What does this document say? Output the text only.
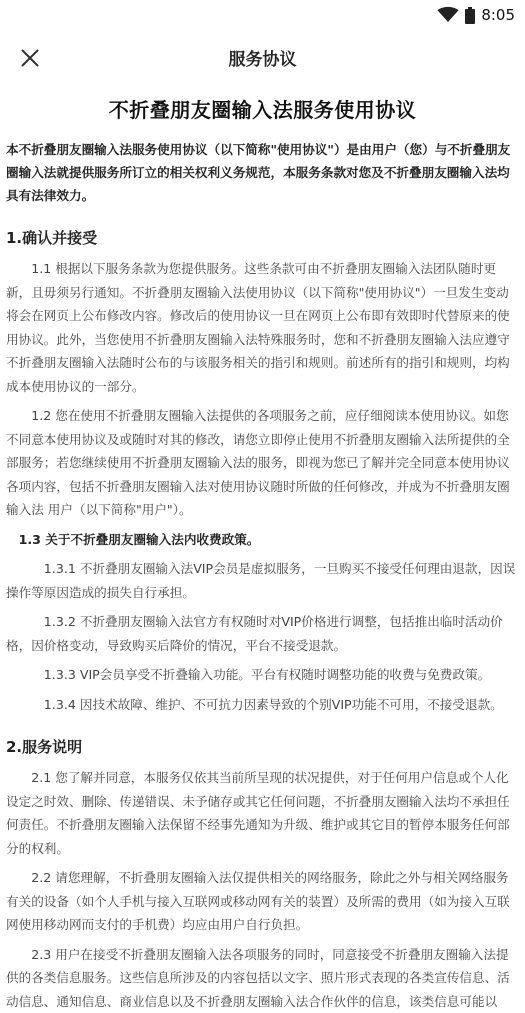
8:05
服务协议
不折叠朋友圈输入法服务使用协议
本不折叠朋友圈输入法服务使用协议（以下简称"使用协议"）是由用户（您）与不折叠朋友圈输入法就提供服务所订立的相关权利义务规范，本服务条款对您及不折叠朋友圈输入法均具有法律效力。
1.确认并接受

1.1 根据以下服务条款为您提供服务。这些条款可由不折叠朋友圈输入法团队随时更新，且毋须另行通知。不折叠朋友圈输入法使用协议（以下简称"使用协议"）一旦发生变动将会在网页上公布修改内容。修改后的使用协议一旦在网页上公布即有效即时代替原来的使用协议。此外，当您使用不折叠朋友圈输入法特殊服务时，您和不折叠朋友圈输入法应遵守不折叠朋友圈输入法随时公布的与该服务相关的指引和规则。前述所有的指引和规则，均构成本使用协议的一部分。

1.2 您在使用不折叠朋友圈输入法提供的各项服务之前，应仔细阅读本使用协议。如您不同意本使用协议及或随时对其的修改，请您立即停止使用不折叠朋友圈输入法所提供的全部服务；若您继续使用不折叠朋友圈输入法的服务，即视为您已了解并完全同意本使用协议各项内容，包括不折叠朋友圈输入法对使用协议随时所做的任何修改，并成为不折叠朋友圈输入法 用户（以下简称"用户"）。

1.3 关于不折叠朋友圈输入法内收费政策。

1.3.1 不折叠朋友圈输入法VIP会员是虚拟服务，一旦购买不接受任何理由退款，因误操作等原因造成的损失自行承担。

1.3.2 不折叠朋友圈输入法官方有权随时对VIP价格进行调整，包括推出临时活动价格，因价格变动，导致购买后降价的情况，平台不接受退款。

1.3.3 VIP会员享受不折叠输入功能。平台有权随时调整功能的收费与免费政策。

1.3.4 因技术故障、维护、不可抗力因素导致的个别VIP功能不可用，不接受退款。

2.服务说明

2.1 您了解并同意，本服务仅依其当前所呈现的状况提供，对于任何用户信息或个人化设定之时效、删除、传递错误、未予储存或其它任何问题，不折叠朋友圈输入法均不承担任何责任。不折叠朋友圈输入法保留不经事先通知为升级、维护或其它目的暂停本服务任何部分的权利。

2.2 请您理解，不折叠朋友圈输入法仅提供相关的网络服务，除此之外与相关网络服务有关的设备（如个人手机与接入互联网或移动网有关的装置）及所需的费用（如为接入互联网使用移动网而支付的手机费）均应由用户自行负担。

2.3 用户在接受不折叠朋友圈输入法各项服务的同时，同意接受不折叠朋友圈输入法提供的各类信息服务。这些信息所涉及的内容包括以文字、照片形式表现的各类宣传信息、活动信息、通知信息、商业信息以及不折叠朋友圈输入法合作伙伴的信息，该类信息可能以
